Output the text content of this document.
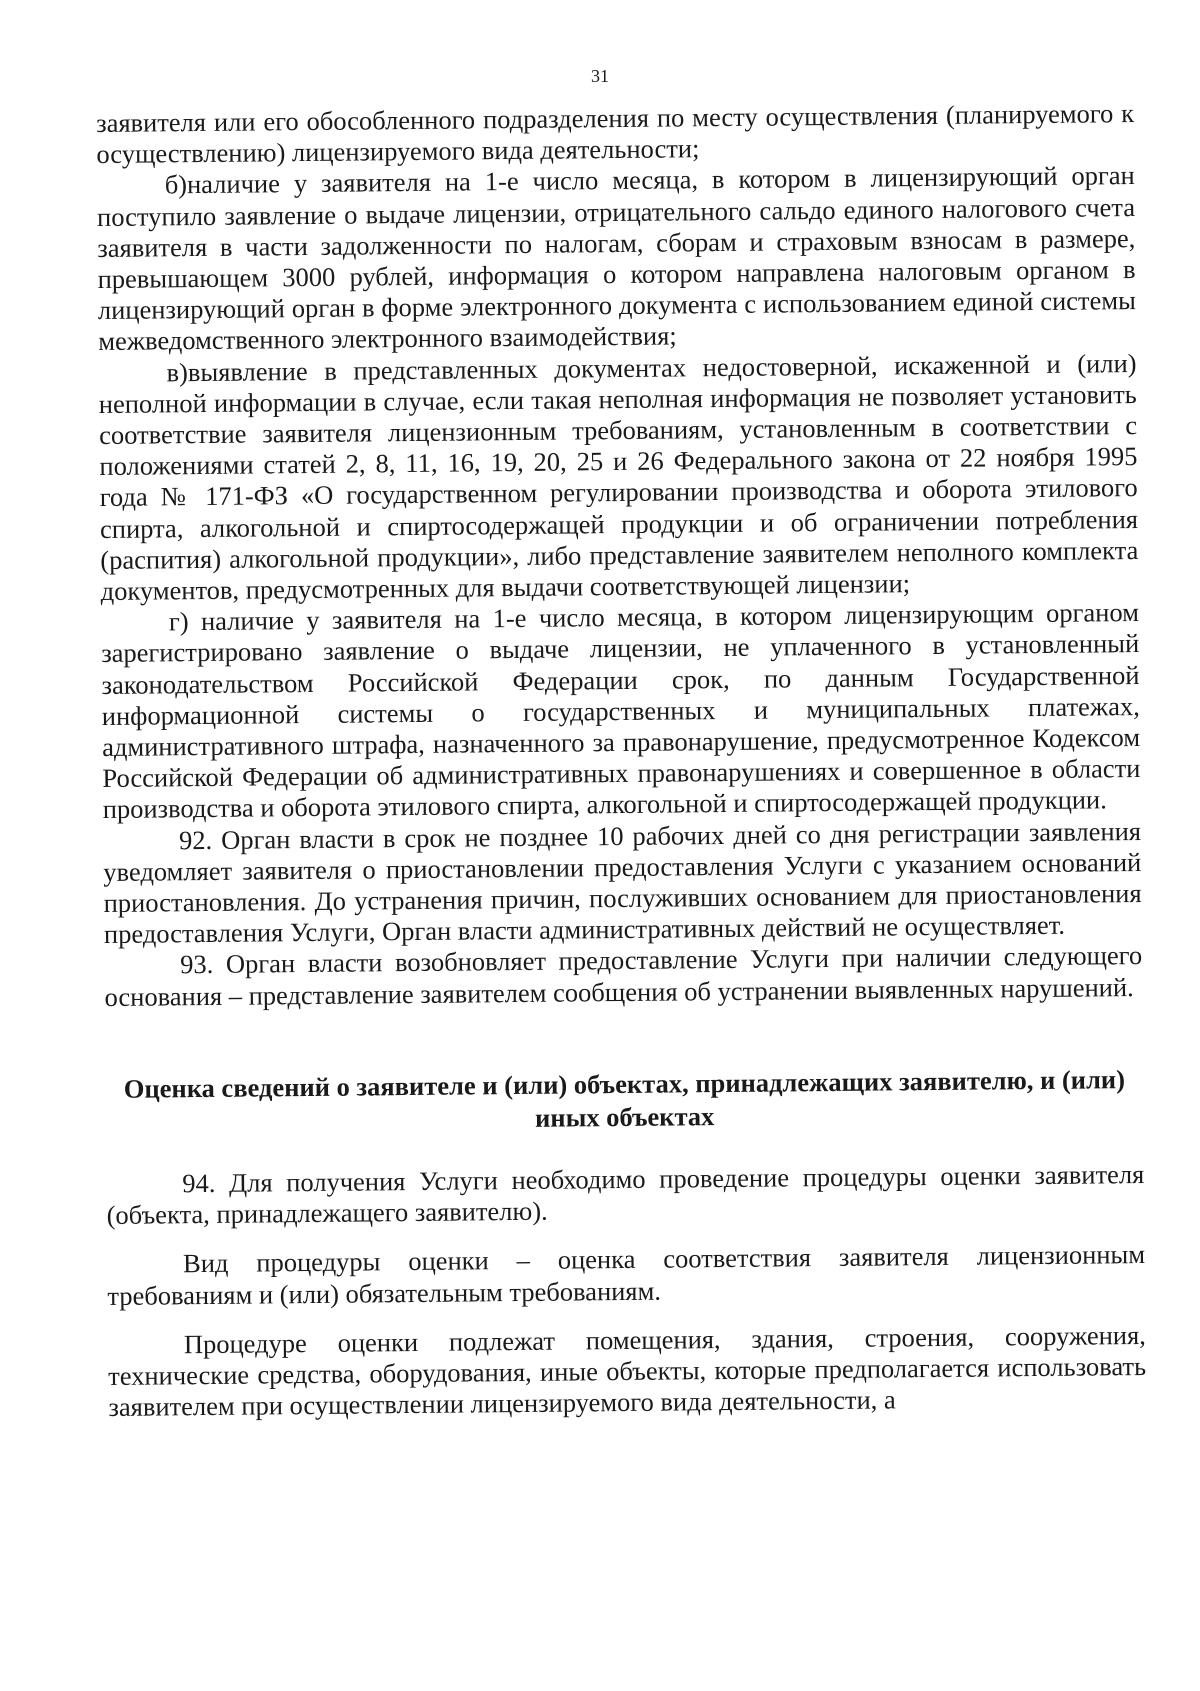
31

заявителя или его обособленного подразделения по месту осуществления (планируемого к осуществлению) лицензируемого вида деятельности;

б)наличие у заявителя на 1-е число месяца, в котором в лицензирующий орган поступило заявление о выдаче лицензии, отрицательного сальдо единого налогового счета заявителя в части задолженности по налогам, сборам и страховым взносам в размере, превышающем 3000 рублей, информация о котором направлена налоговым органом в лицензирующий орган в форме электронного документа с использованием единой системы межведомственного электронного взаимодействия;

в)выявление в представленных документах недостоверной, искаженной и (или) неполной информации в случае, если такая неполная информация не позволяет установить соответствие заявителя лицензионным требованиям, установленным в соответствии с положениями статей 2, 8, 11, 16, 19, 20, 25 и 26 Федерального закона от 22 ноября 1995 года № 171-ФЗ «О государственном регулировании производства и оборота этилового спирта, алкогольной и спиртосодержащей продукции и об ограничении потребления (распития) алкогольной продукции», либо представление заявителем неполного комплекта документов, предусмотренных для выдачи соответствующей лицензии;

г) наличие у заявителя на 1-е число месяца, в котором лицензирующим органом зарегистрировано заявление о выдаче лицензии, не уплаченного в установленный законодательством Российской Федерации срок, по данным Государственной информационной системы о государственных и муниципальных платежах, административного штрафа, назначенного за правонарушение, предусмотренное Кодексом Российской Федерации об административных правонарушениях и совершенное в области производства и оборота этилового спирта, алкогольной и спиртосодержащей продукции.

92. Орган власти в срок не позднее 10 рабочих дней со дня регистрации заявления уведомляет заявителя о приостановлении предоставления Услуги с указанием оснований приостановления. До устранения причин, послуживших основанием для приостановления предоставления Услуги, Орган власти административных действий не осуществляет.

93. Орган власти возобновляет предоставление Услуги при наличии следующего основания – представление заявителем сообщения об устранении выявленных нарушений.

Оценка сведений о заявителе и (или) объектах, принадлежащих заявителю, и (или) иных объектах

94. Для получения Услуги необходимо проведение процедуры оценки заявителя (объекта, принадлежащего заявителю).

Вид процедуры оценки – оценка соответствия заявителя лицензионным требованиям и (или) обязательным требованиям.

Процедуре оценки подлежат помещения, здания, строения, сооружения, технические средства, оборудования, иные объекты, которые предполагается использовать заявителем при осуществлении лицензируемого вида деятельности, а
